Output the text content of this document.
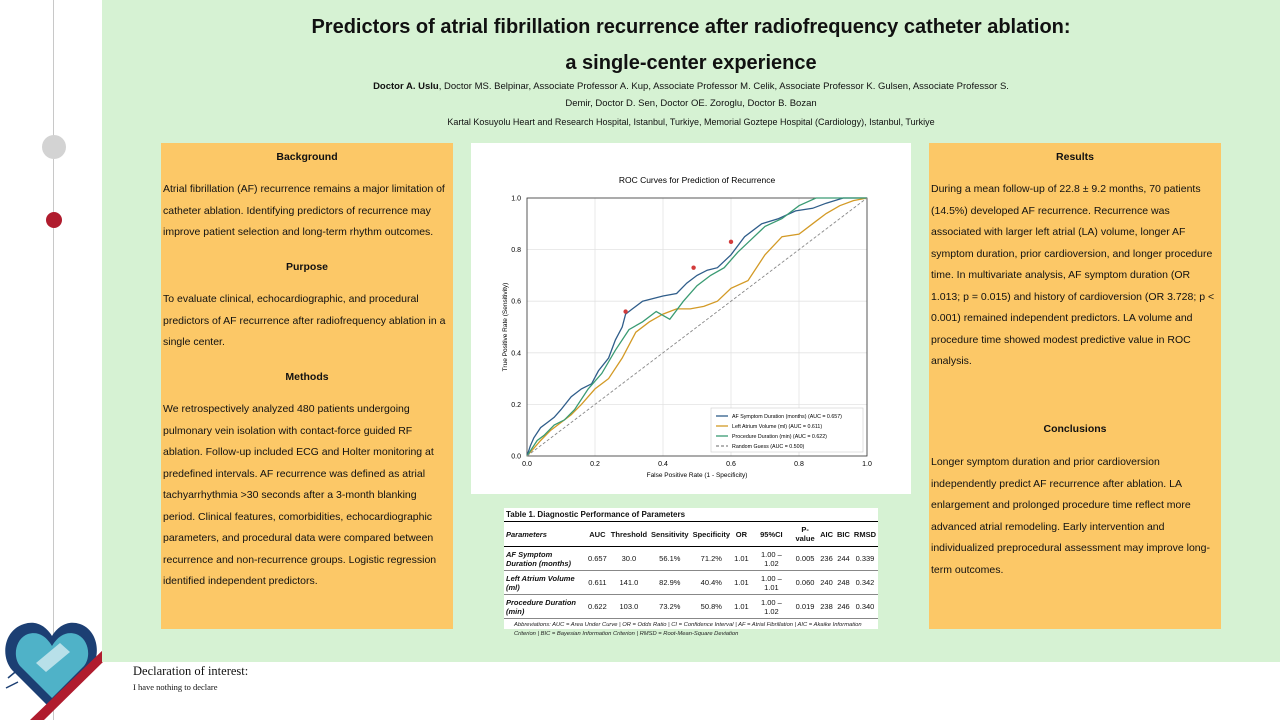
Predictors of atrial fibrillation recurrence after radiofrequency catheter ablation:
a single-center experience
Doctor A. Uslu, Doctor MS. Belpinar, Associate Professor A. Kup, Associate Professor M. Celik, Associate Professor K. Gulsen, Associate Professor S. Demir, Doctor D. Sen, Doctor OE. Zoroglu, Doctor B. Bozan
Kartal Kosuyolu Heart and Research Hospital, Istanbul, Turkiye, Memorial Goztepe Hospital (Cardiology), Istanbul, Turkiye
Background
Atrial fibrillation (AF) recurrence remains a major limitation of catheter ablation. Identifying predictors of recurrence may improve patient selection and long-term rhythm outcomes.
Purpose
To evaluate clinical, echocardiographic, and procedural predictors of AF recurrence after radiofrequency ablation in a single center.
Methods
We retrospectively analyzed 480 patients undergoing pulmonary vein isolation with contact-force guided RF ablation. Follow-up included ECG and Holter monitoring at predefined intervals. AF recurrence was defined as atrial tachyarrhythmia >30 seconds after a 3-month blanking period. Clinical features, comorbidities, echocardiographic parameters, and procedural data were compared between recurrence and non-recurrence groups. Logistic regression identified independent predictors.
ROC Curves for Prediction of Recurrence
0.0	0.2	0.4	0.6	0.8	1.0
0.0
0.2
0.4
0.6
0.8
1.0
False Positive Rate (1 - Specificity)
True Positive Rate (Sensitivity)
AF Symptom Duration (months) (AUC = 0.657)
Left Atrium Volume (ml) (AUC = 0.611)
Procedure Duration (min) (AUC = 0.622)
Random Guess (AUC = 0.500)
Table 1. Diagnostic Performance of Parameters
Parameters	AUC	Threshold	Sensitivity	Specificity	OR	95%CI	P-value	AIC	BIC	RMSD
AF Symptom Duration (months)	0.657	30.0	56.1%	71.2%	1.01	1.00 – 1.02	0.005	236	244	0.339
Left Atrium Volume (ml)	0.611	141.0	82.9%	40.4%	1.01	1.00 – 1.01	0.060	240	248	0.342
Procedure Duration (min)	0.622	103.0	73.2%	50.8%	1.01	1.00 – 1.02	0.019	238	246	0.340
Abbreviations: AUC = Area Under Curve | OR = Odds Ratio | CI = Confidence Interval | AF = Atrial Fibrillation | AIC = Akaike Information Criterion | BIC = Bayesian Information Criterion | RMSD = Root-Mean-Square Deviation
Results
During a mean follow-up of 22.8 ± 9.2 months, 70 patients (14.5%) developed AF recurrence. Recurrence was associated with larger left atrial (LA) volume, longer AF symptom duration, prior cardioversion, and longer procedure time. In multivariate analysis, AF symptom duration (OR 1.013; p = 0.015) and history of cardioversion (OR 3.728; p < 0.001) remained independent predictors. LA volume and procedure time showed modest predictive value in ROC analysis.
Conclusions
Longer symptom duration and prior cardioversion independently predict AF recurrence after ablation. LA enlargement and prolonged procedure time reflect more advanced atrial remodeling. Early intervention and individualized preprocedural assessment may improve long-term outcomes.
Declaration of interest:
I have nothing to declare
